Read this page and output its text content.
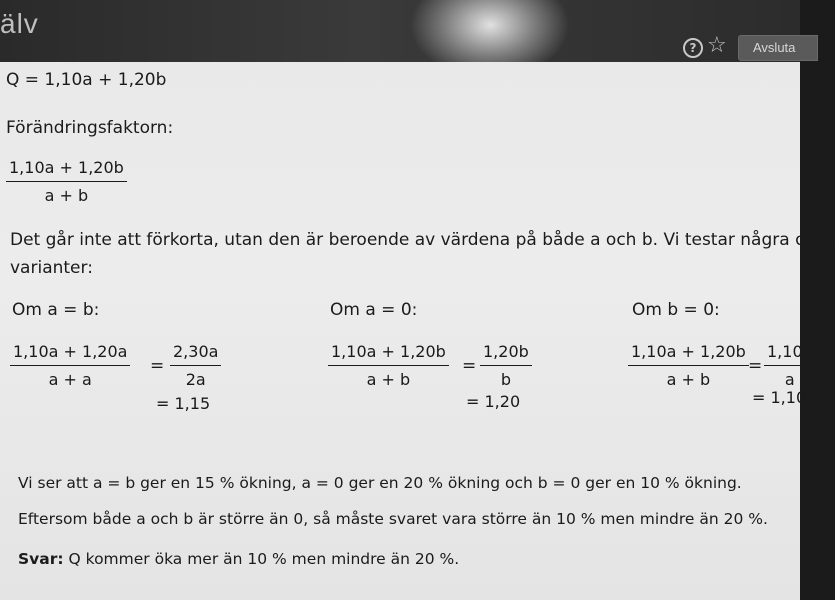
älv
? ☆	Avsluta
Q = 1,10a + 1,20b
Förändringsfaktorn:
$\frac{1,10a + 1,20b}{a + b}$
Det går inte att förkorta, utan den är beroende av värdena på både a och b. Vi testar några olika
varianter:
Om a = b:
$\frac{1,10a + 1,20a}{a + a} = \frac{2,30a}{2a}$
= 1,15
Om a = 0:
$\frac{1,10a + 1,20b}{a + b} = \frac{1,20b}{b}$
= 1,20
Om b = 0:
$\frac{1,10a + 1,20b}{a + b} = \frac{1,10a}{a}$
= 1,10
Vi ser att a = b ger en 15 % ökning, a = 0 ger en 20 % ökning och b = 0 ger en 10 % ökning.
Eftersom både a och b är större än 0, så måste svaret vara större än 10 % men mindre än 20 %.
Svar: Q kommer öka mer än 10 % men mindre än 20 %.
